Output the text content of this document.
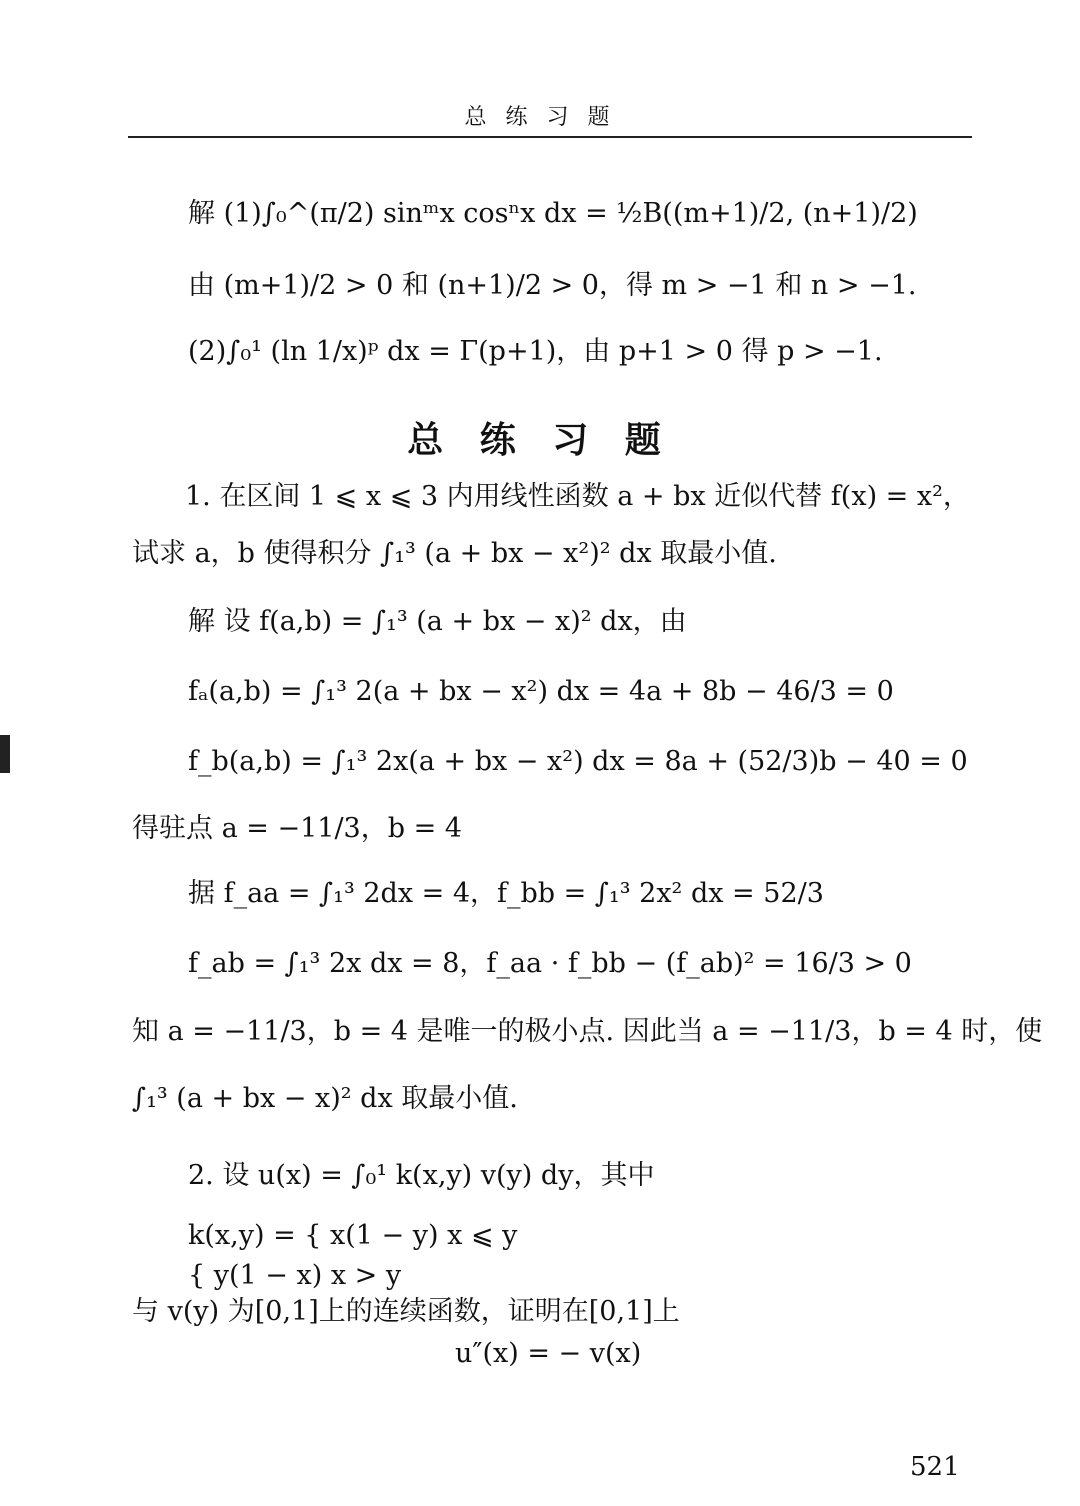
总 练 习 题
解 (1)∫₀^(π/2) sinᵐx cosⁿx dx = ½B((m+1)/2, (n+1)/2)
由 (m+1)/2 > 0 和 (n+1)/2 > 0，得 m > −1 和 n > −1.
(2)∫₀¹ (ln 1/x)ᵖ dx = Γ(p+1)，由 p+1 > 0 得 p > −1.
总 练 习 题
1. 在区间 1 ⩽ x ⩽ 3 内用线性函数 a + bx 近似代替 f(x) = x²，
试求 a，b 使得积分 ∫₁³ (a + bx − x²)² dx 取最小值.
解 设 f(a,b) = ∫₁³ (a + bx − x)² dx，由
fₐ(a,b) = ∫₁³ 2(a + bx − x²) dx = 4a + 8b − 46/3 = 0
f_b(a,b) = ∫₁³ 2x(a + bx − x²) dx = 8a + (52/3)b − 40 = 0
得驻点 a = −11/3，b = 4
据 f_aa = ∫₁³ 2dx = 4，f_bb = ∫₁³ 2x² dx = 52/3
f_ab = ∫₁³ 2x dx = 8，f_aa · f_bb − (f_ab)² = 16/3 > 0
知 a = −11/3，b = 4 是唯一的极小点. 因此当 a = −11/3，b = 4 时，使
∫₁³ (a + bx − x)² dx 取最小值.
2. 设 u(x) = ∫₀¹ k(x,y) v(y) dy，其中
k(x,y) = { x(1 − y) x ⩽ y
{ y(1 − x) x > y
与 v(y) 为[0,1]上的连续函数，证明在[0,1]上
u″(x) = − v(x)
521
